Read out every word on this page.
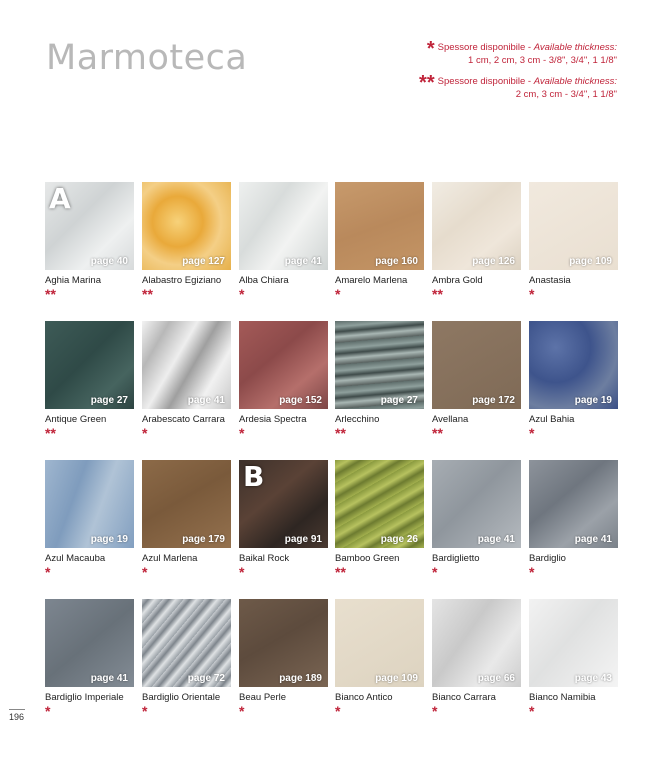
Marmoteca	* Spessore disponibile - Available thickness:
1 cm, 2 cm, 3 cm - 3/8", 3/4", 1 1/8"
** Spessore disponibile - Available thickness:
2 cm, 3 cm - 3/4", 1 1/8"
A
page 40
Aghia Marina
**
page 127
Alabastro Egiziano
**
page 41
Alba Chiara
*
page 160
Amarelo Marlena
*
page 126
Ambra Gold
**
page 109
Anastasia
*
page 27
Antique Green
**
page 41
Arabescato Carrara
*
page 152
Ardesia Spectra
*
page 27
Arlecchino
**
page 172
Avellana
**
page 19
Azul Bahia
*
page 19
Azul Macauba
*
page 179
Azul Marlena
*
B
page 91
Baikal Rock
*
page 26
Bamboo Green
**
page 41
Bardiglietto
*
page 41
Bardiglio
*
page 41
Bardiglio Imperiale
*
page 72
Bardiglio Orientale
*
page 189
Beau Perle
*
page 109
Bianco Antico
*
page 66
Bianco Carrara
*
page 43
Bianco Namibia
*
196
